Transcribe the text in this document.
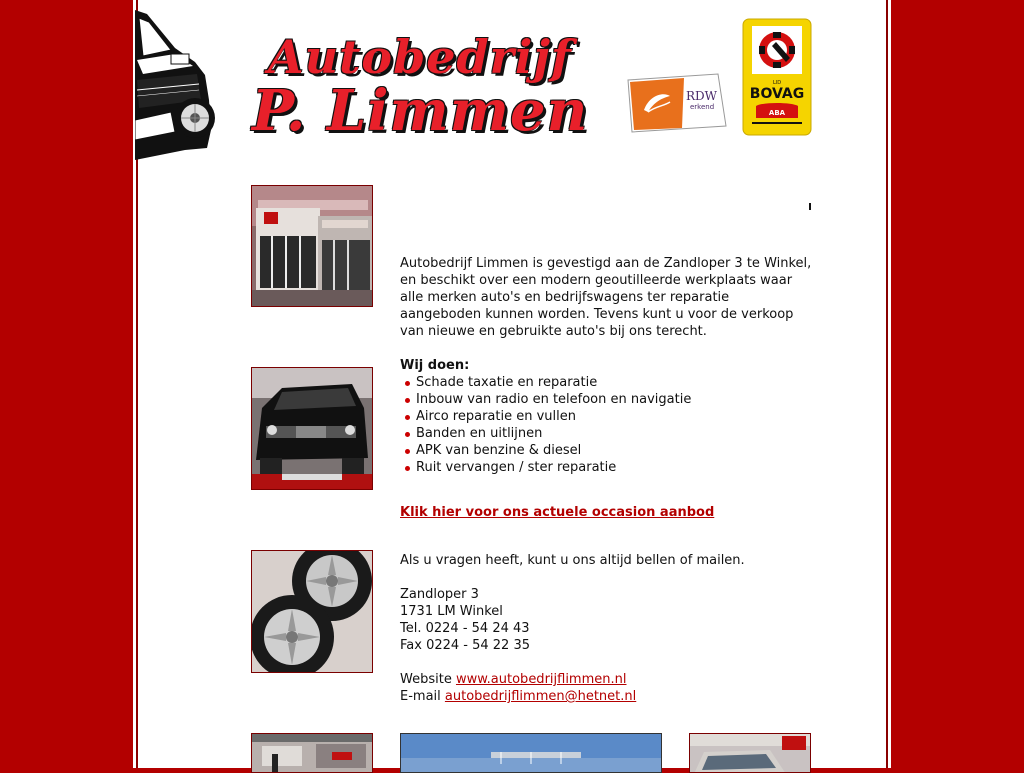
Autobedrijf
P. Limmen	RDW
erkend
LID
BOVAG
ABA

Autobedrijf Limmen is gevestigd aan de Zandloper 3 te Winkel, en beschikt over een modern geoutilleerde werkplaats waar alle merken auto's en bedrijfswagens ter reparatie aangeboden kunnen worden. Tevens kunt u voor de verkoop van nieuwe en gebruikte auto's bij ons terecht.

Wij doen:
Schade taxatie en reparatie
Inbouw van radio en telefoon en navigatie
Airco reparatie en vullen
Banden en uitlijnen
APK van benzine & diesel
Ruit vervangen / ster reparatie
Klik hier voor ons actuele occasion aanbod
Als u vragen heeft, kunt u ons altijd bellen of mailen.
Zandloper 3
1731 LM Winkel
Tel. 0224 - 54 24 43
Fax 0224 - 54 22 35
Website www.autobedrijflimmen.nl
E-mail autobedrijflimmen@hetnet.nl
